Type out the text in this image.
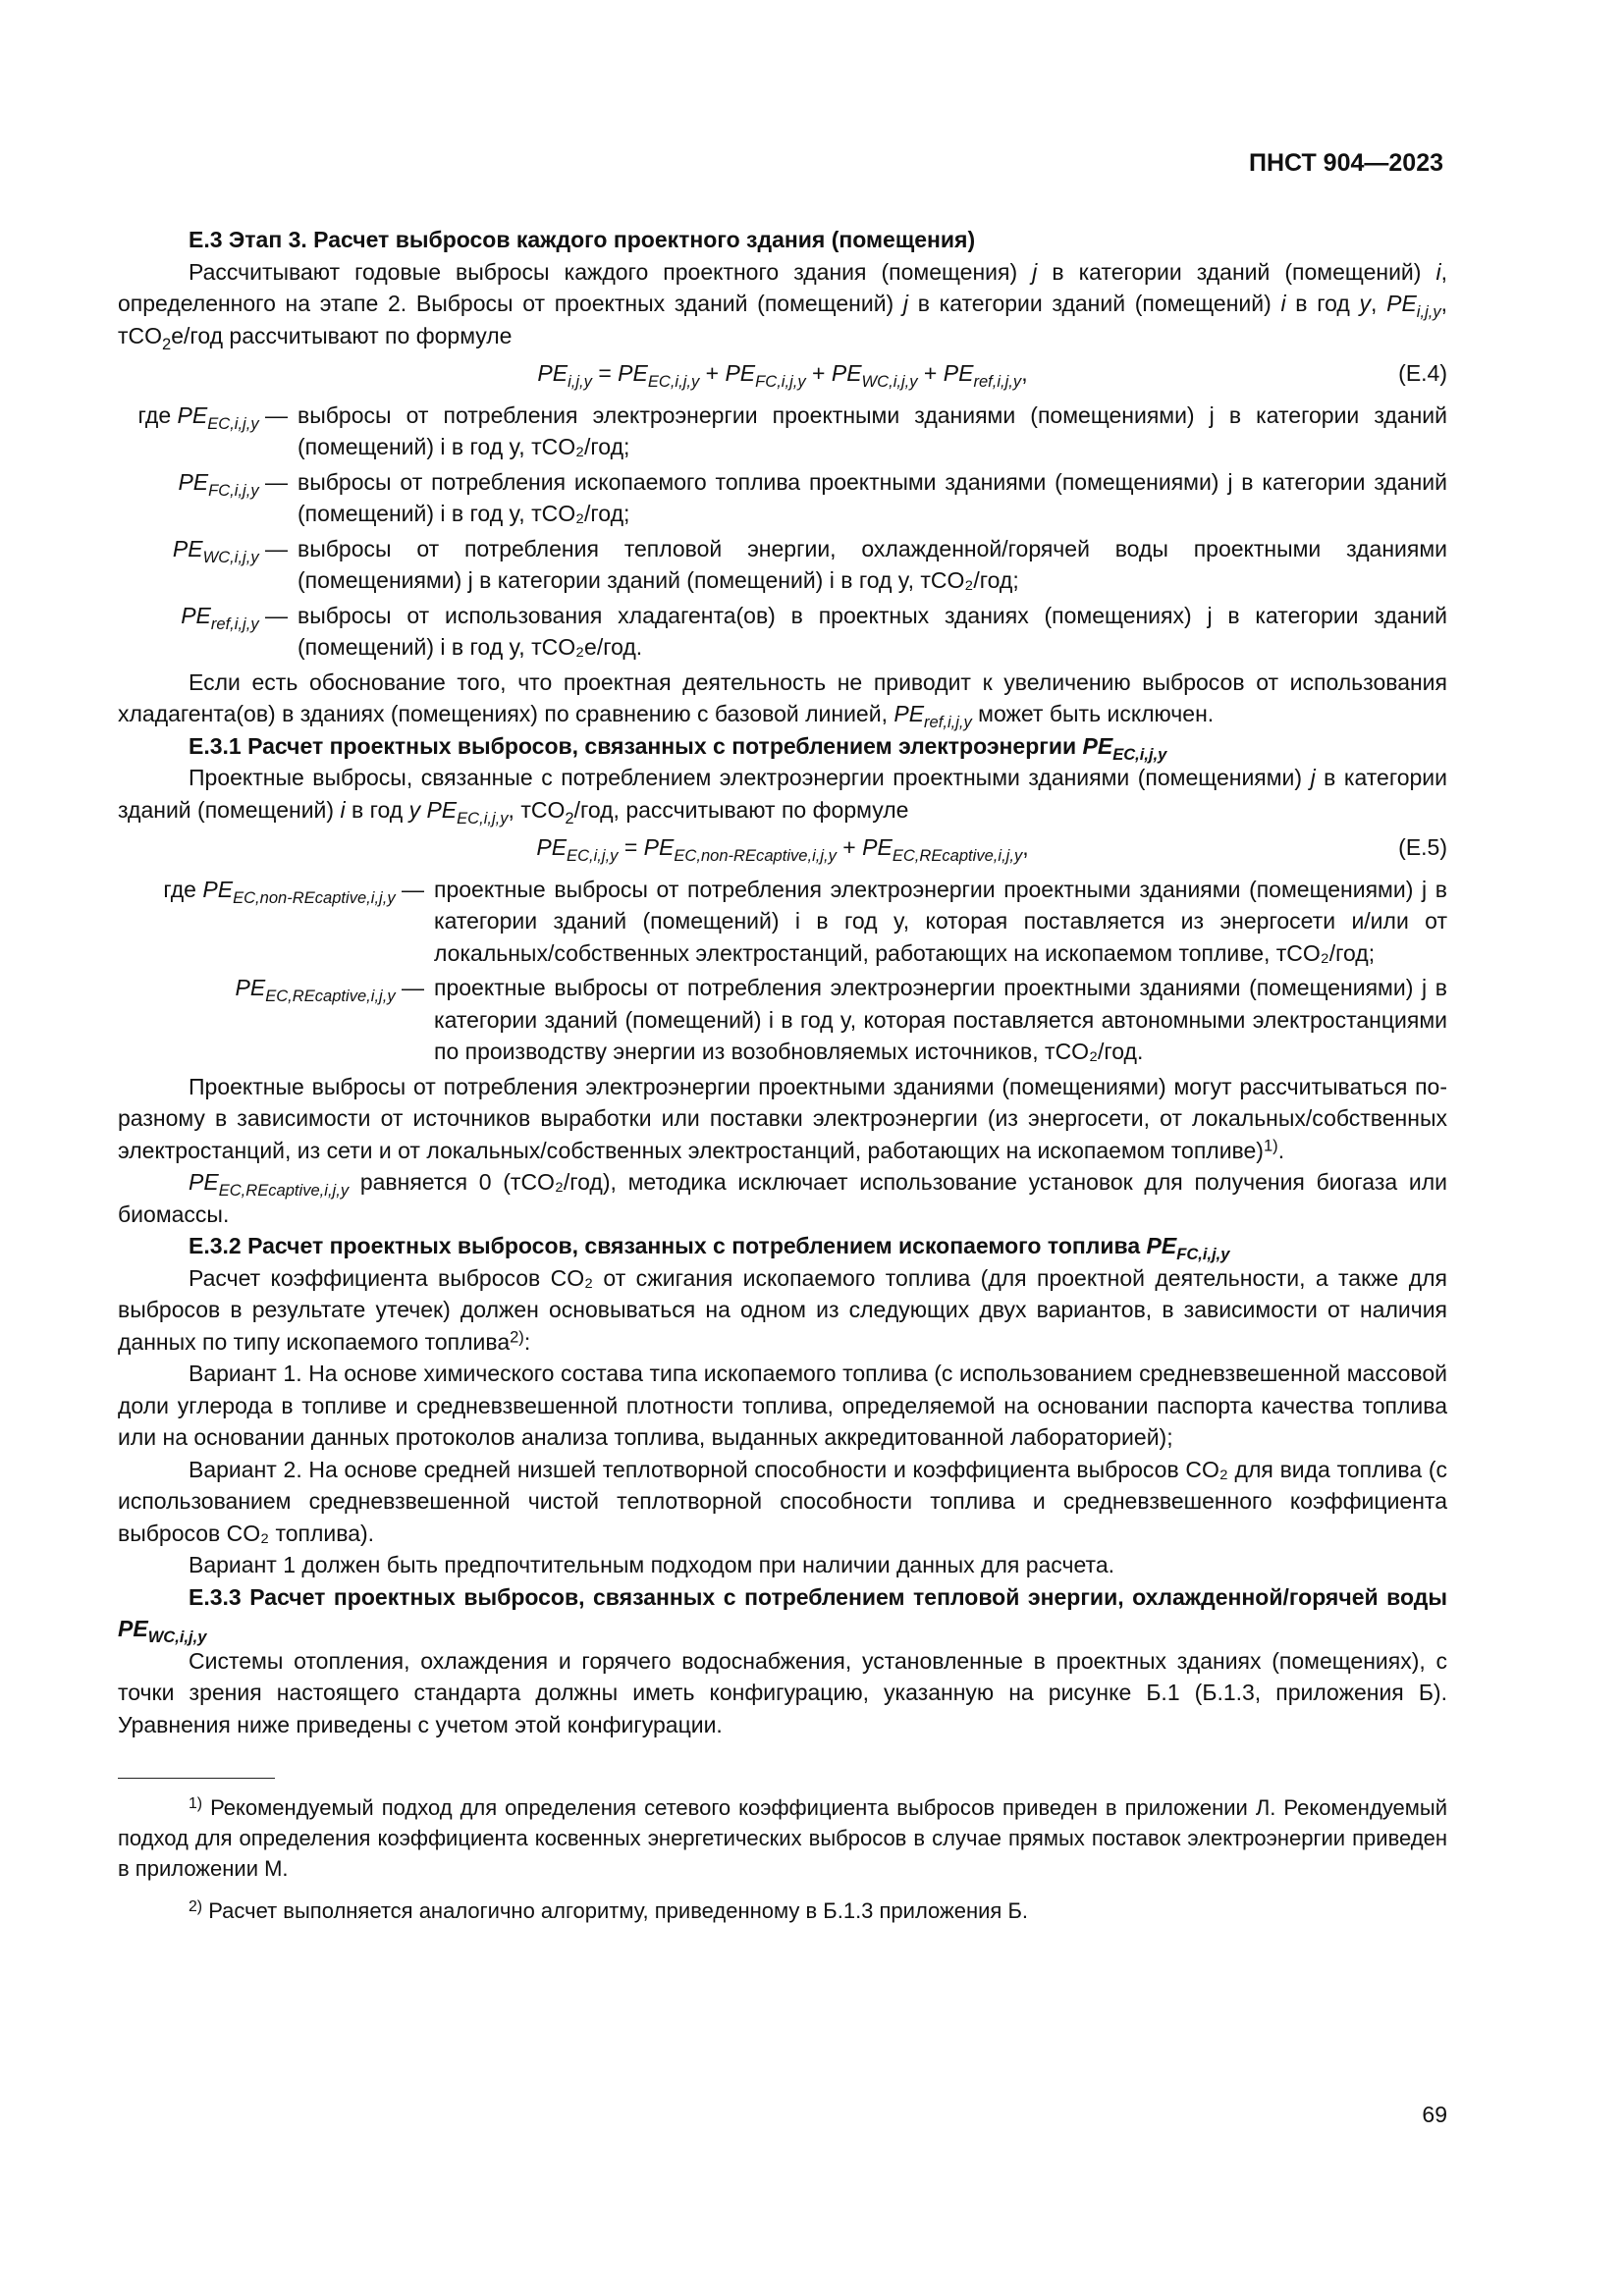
ПНСТ 904—2023

Е.3 Этап 3. Расчет выбросов каждого проектного здания (помещения)

Рассчитывают годовые выбросы каждого проектного здания (помещения) j в категории зданий (помещений) i, определенного на этапе 2. Выбросы от проектных зданий (помещений) j в категории зданий (помещений) i в год y, $PE_{i,j,y}$, тCO$_2$e/год рассчитывают по формуле

$PE_{i,j,y} = PE_{EC,i,j,y} + PE_{FC,i,j,y} + PE_{WC,i,j,y} + PE_{ref,i,j,y}$,	(Е.4)
где $PE_{EC,i,j,y}$ — выбросы от потребления электроэнергии проектными зданиями (помещениями) j в категории зданий (помещений) i в год y, тCO₂/год;
$PE_{FC,i,j,y}$ — выбросы от потребления ископаемого топлива проектными зданиями (помещениями) j в категории зданий (помещений) i в год y, тCO₂/год;
$PE_{WC,i,j,y}$ — выбросы от потребления тепловой энергии, охлажденной/горячей воды проектными зданиями (помещениями) j в категории зданий (помещений) i в год y, тCO₂/год;
$PE_{ref,i,j,y}$ — выбросы от использования хладагента(ов) в проектных зданиях (помещениях) j в категории зданий (помещений) i в год y, тCO₂e/год.

Если есть обоснование того, что проектная деятельность не приводит к увеличению выбросов от использования хладагента(ов) в зданиях (помещениях) по сравнению с базовой линией, $PE_{ref,i,j,y}$ может быть исключен.

Е.3.1 Расчет проектных выбросов, связанных с потреблением электроэнергии $PE_{EC,i,j,y}$

Проектные выбросы, связанные с потреблением электроэнергии проектными зданиями (помещениями) j в категории зданий (помещений) i в год y $PE_{EC,i,j,y}$, тCO$_2$/год, рассчитывают по формуле

$PE_{EC,i,j,y} = PE_{EC,non-REcaptive,i,j,y} + PE_{EC,REcaptive,i,j,y}$,	(Е.5)
где $PE_{EC,non-REcaptive,i,j,y}$ — проектные выбросы от потребления электроэнергии проектными зданиями (помещениями) j в категории зданий (помещений) i в год y, которая поставляется из энергосети и/или от локальных/собственных электростанций, работающих на ископаемом топливе, тCO₂/год;
$PE_{EC,REcaptive,i,j,y}$ — проектные выбросы от потребления электроэнергии проектными зданиями (помещениями) j в категории зданий (помещений) i в год y, которая поставляется автономными электростанциями по производству энергии из возобновляемых источников, тCO₂/год.

Проектные выбросы от потребления электроэнергии проектными зданиями (помещениями) могут рассчитываться по-разному в зависимости от источников выработки или поставки электроэнергии (из энергосети, от локальных/собственных электростанций, из сети и от локальных/собственных электростанций, работающих на ископаемом топливе)$^{1)}$.

$PE_{EC,REcaptive,i,j,y}$ равняется 0 (тCO₂/год), методика исключает использование установок для получения биогаза или биомассы.

Е.3.2 Расчет проектных выбросов, связанных с потреблением ископаемого топлива $PE_{FC,i,j,y}$

Расчет коэффициента выбросов CO₂ от сжигания ископаемого топлива (для проектной деятельности, а также для выбросов в результате утечек) должен основываться на одном из следующих двух вариантов, в зависимости от наличия данных по типу ископаемого топлива$^{2)}$:

Вариант 1. На основе химического состава типа ископаемого топлива (с использованием средневзвешенной массовой доли углерода в топливе и средневзвешенной плотности топлива, определяемой на основании паспорта качества топлива или на основании данных протоколов анализа топлива, выданных аккредитованной лабораторией);

Вариант 2. На основе средней низшей теплотворной способности и коэффициента выбросов CO₂ для вида топлива (с использованием средневзвешенной чистой теплотворной способности топлива и средневзвешенного коэффициента выбросов CO₂ топлива).

Вариант 1 должен быть предпочтительным подходом при наличии данных для расчета.

Е.3.3 Расчет проектных выбросов, связанных с потреблением тепловой энергии, охлажденной/горячей воды $PE_{WC,i,j,y}$

Системы отопления, охлаждения и горячего водоснабжения, установленные в проектных зданиях (помещениях), с точки зрения настоящего стандарта должны иметь конфигурацию, указанную на рисунке Б.1 (Б.1.3, приложения Б). Уравнения ниже приведены с учетом этой конфигурации.

$^{1)}$ Рекомендуемый подход для определения сетевого коэффициента выбросов приведен в приложении Л. Рекомендуемый подход для определения коэффициента косвенных энергетических выбросов в случае прямых поставок электроэнергии приведен в приложении М.

$^{2)}$ Расчет выполняется аналогично алгоритму, приведенному в Б.1.3 приложения Б.

69
